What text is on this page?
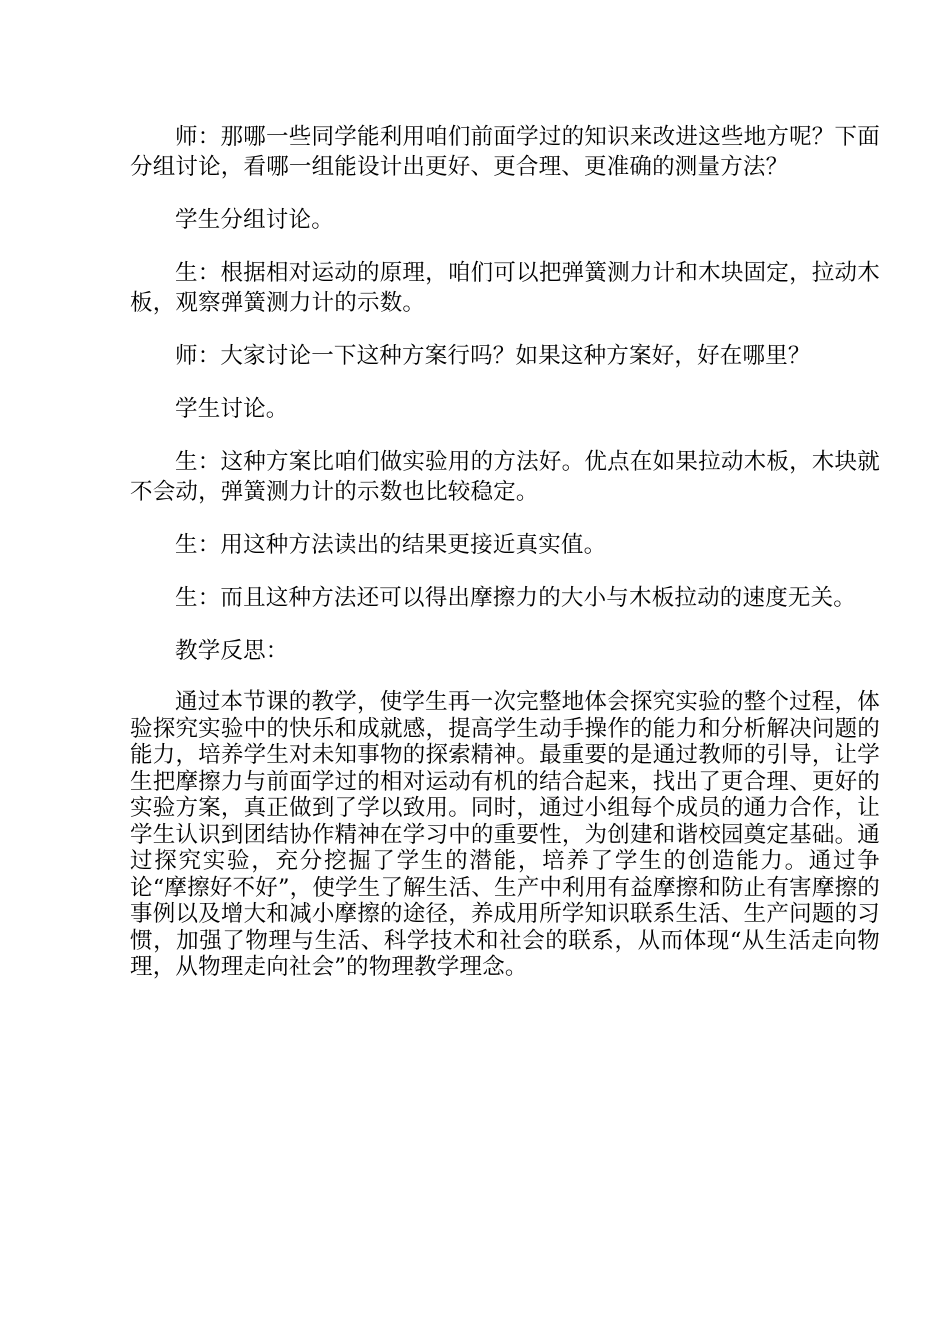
师：那哪一些同学能利用咱们前面学过的知识来改进这些地方呢？下面分组讨论，看哪一组能设计出更好、更合理、更准确的测量方法？

学生分组讨论。

生：根据相对运动的原理，咱们可以把弹簧测力计和木块固定，拉动木板，观察弹簧测力计的示数。

师：大家讨论一下这种方案行吗？如果这种方案好，好在哪里？

学生讨论。

生：这种方案比咱们做实验用的方法好。优点在如果拉动木板，木块就不会动，弹簧测力计的示数也比较稳定。

生：用这种方法读出的结果更接近真实值。

生：而且这种方法还可以得出摩擦力的大小与木板拉动的速度无关。

教学反思：

通过本节课的教学，使学生再一次完整地体会探究实验的整个过程，体验探究实验中的快乐和成就感，提高学生动手操作的能力和分析解决问题的能力，培养学生对未知事物的探索精神。最重要的是通过教师的引导，让学生把摩擦力与前面学过的相对运动有机的结合起来，找出了更合理、更好的实验方案，真正做到了学以致用。同时，通过小组每个成员的通力合作，让学生认识到团结协作精神在学习中的重要性，为创建和谐校园奠定基础。通过探究实验，充分挖掘了学生的潜能，培养了学生的创造能力。通过争论“摩擦好不好”，使学生了解生活、生产中利用有益摩擦和防止有害摩擦的事例以及增大和减小摩擦的途径，养成用所学知识联系生活、生产问题的习惯，加强了物理与生活、科学技术和社会的联系，从而体现“从生活走向物理，从物理走向社会”的物理教学理念。
